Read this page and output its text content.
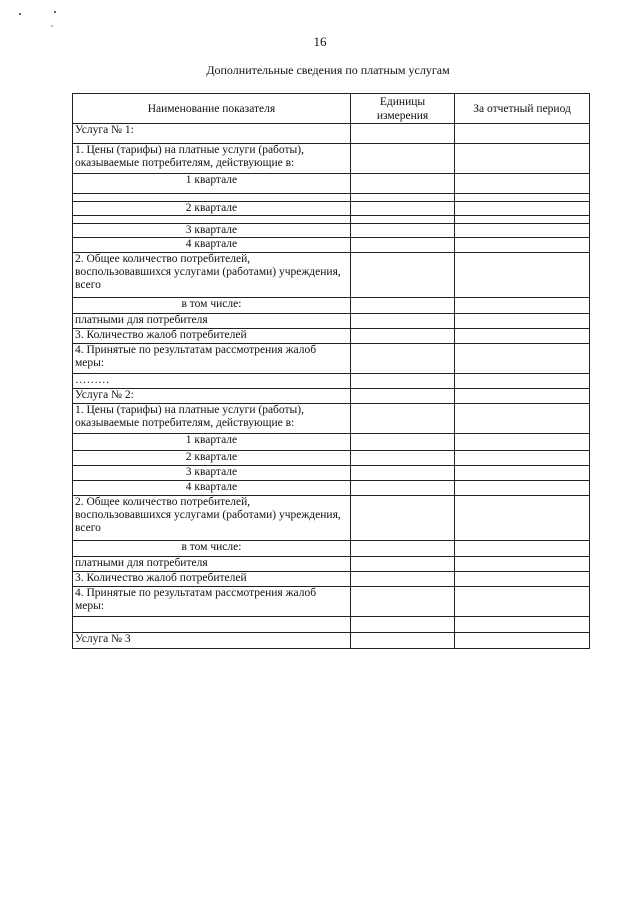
16
Дополнительные сведения по платным услугам
Наименование показателя	Единицы измерения	За отчетный период
Услуга № 1:		
1. Цены (тарифы) на платные услуги (работы), оказываемые потребителям, действующие в:		
1 квартале		

2 квартале		

3 квартале		
4 квартале		
2. Общее количество потребителей, воспользовавшихся услугами (работами) учреждения, всего		
в том числе:		
платными для потребителя		
3. Количество жалоб потребителей		
4. Принятые по результатам рассмотрения жалоб меры:		
………		
Услуга № 2:		
1. Цены (тарифы) на платные услуги (работы), оказываемые потребителям, действующие в:		
1 квартале		
2 квартале		
3 квартале		
4 квартале		
2. Общее количество потребителей, воспользовавшихся услугами (работами) учреждения, всего		
в том числе:		
платными для потребителя		
3. Количество жалоб потребителей		
4. Принятые по результатам рассмотрения жалоб меры:		

Услуга № 3		
